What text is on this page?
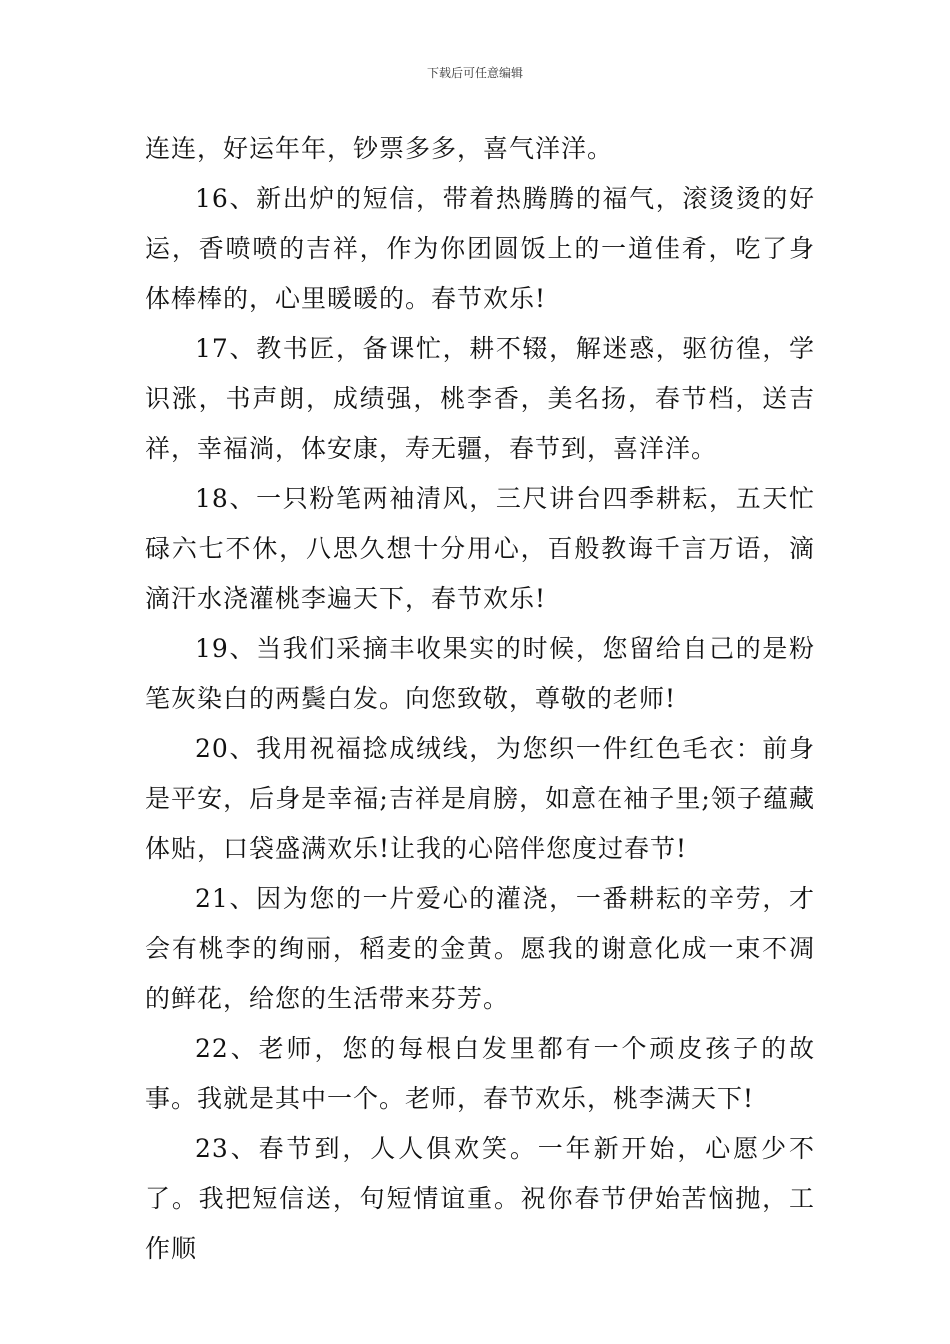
下载后可任意编辑

连连，好运年年，钞票多多，喜气洋洋。

16、新出炉的短信，带着热腾腾的福气，滚烫烫的好运，香喷喷的吉祥，作为你团圆饭上的一道佳肴，吃了身体棒棒的，心里暖暖的。春节欢乐!

17、教书匠，备课忙，耕不辍，解迷惑，驱彷徨，学识涨，书声朗，成绩强，桃李香，美名扬，春节档，送吉祥，幸福淌，体安康，寿无疆，春节到，喜洋洋。

18、一只粉笔两袖清风，三尺讲台四季耕耘，五天忙碌六七不休，八思久想十分用心，百般教诲千言万语，滴滴汗水浇灌桃李遍天下，春节欢乐!

19、当我们采摘丰收果实的时候，您留给自己的是粉笔灰染白的两鬓白发。向您致敬，尊敬的老师!

20、我用祝福捻成绒线，为您织一件红色毛衣：前身是平安，后身是幸福;吉祥是肩膀，如意在袖子里;领子蕴藏体贴，口袋盛满欢乐!让我的心陪伴您度过春节!

21、因为您的一片爱心的灌浇，一番耕耘的辛劳，才会有桃李的绚丽，稻麦的金黄。愿我的谢意化成一束不凋的鲜花，给您的生活带来芬芳。

22、老师，您的每根白发里都有一个顽皮孩子的故事。我就是其中一个。老师，春节欢乐，桃李满天下!

23、春节到，人人俱欢笑。一年新开始，心愿少不了。我把短信送，句短情谊重。祝你春节伊始苦恼抛，工作顺
